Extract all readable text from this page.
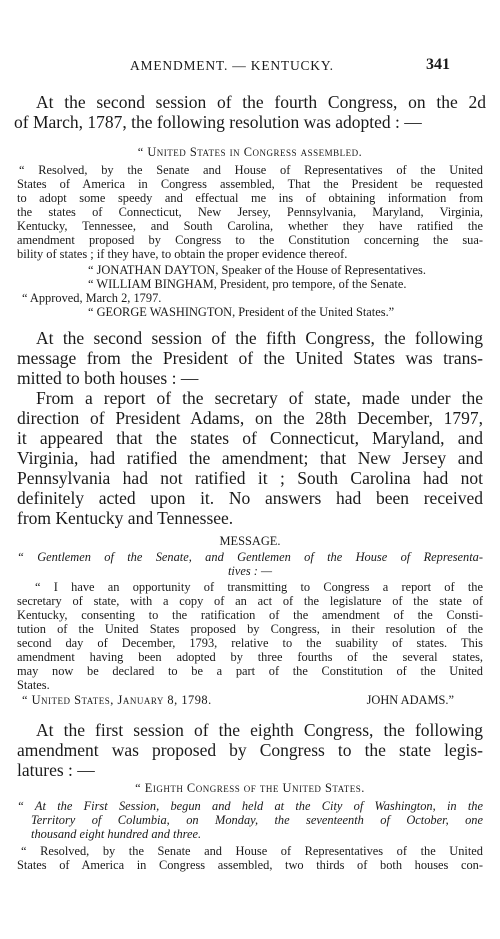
AMENDMENT. — KENTUCKY.	341
At the second session of the fourth Congress, on the 2d
of March, 1787, the following resolution was adopted : —
“ United States in Congress assembled.
“ Resolved, by the Senate and House of Representatives of the United
States of America in Congress assembled, That the President be requested
to adopt some speedy and effectual me ins of obtaining information from
the states of Connecticut, New Jersey, Pennsylvania, Maryland, Virginia,
Kentucky, Tennessee, and South Carolina, whether they have ratified the
amendment proposed by Congress to the Constitution concerning the sua-
bility of states ; if they have, to obtain the proper evidence thereof.
“ JONATHAN DAYTON, Speaker of the House of Representatives.
“ WILLIAM BINGHAM, President, pro tempore, of the Senate.
“ Approved, March 2, 1797.
“ GEORGE WASHINGTON, President of the United States.”
At the second session of the fifth Congress, the following
message from the President of the United States was trans-
mitted to both houses : —
From a report of the secretary of state, made under the
direction of President Adams, on the 28th December, 1797,
it appeared that the states of Connecticut, Maryland, and
Virginia, had ratified the amendment; that New Jersey and
Pennsylvania had not ratified it ; South Carolina had not
definitely acted upon it. No answers had been received
from Kentucky and Tennessee.
MESSAGE.
“ Gentlemen of the Senate, and Gentlemen of the House of Representa-
tives : —
“ I have an opportunity of transmitting to Congress a report of the
secretary of state, with a copy of an act of the legislature of the state of
Kentucky, consenting to the ratification of the amendment of the Consti-
tution of the United States proposed by Congress, in their resolution of the
second day of December, 1793, relative to the suability of states. This
amendment having been adopted by three fourths of the several states,
may now be declared to be a part of the Constitution of the United
States.
“ United States, January 8, 1798.	JOHN ADAMS.”
At the first session of the eighth Congress, the following
amendment was proposed by Congress to the state legis-
latures : —
“ Eighth Congress of the United States.
“ At the First Session, begun and held at the City of Washington, in the
Territory of Columbia, on Monday, the seventeenth of October, one
thousand eight hundred and three.
“ Resolved, by the Senate and House of Representatives of the United
States of America in Congress assembled, two thirds of both houses con-
